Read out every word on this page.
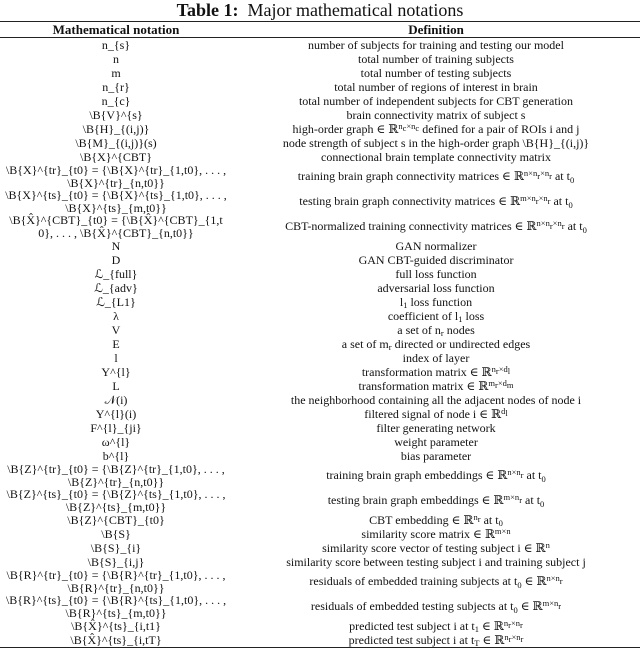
Table 1: Major mathematical notations
Mathematical notation	Definition
n_{s}	number of subjects for training and testing our model
n	total number of training subjects
m	total number of testing subjects
n_{r}	total number of regions of interest in brain
n_{c}	total number of independent subjects for CBT generation
\B{V}^{s}	brain connectivity matrix of subject s
\B{H}_{(i,j)}	high-order graph ∈ ℝ$^{n_c\times n_c}$ defined for a pair of ROIs i and j
\B{M}_{(i,j)}(s)	node strength of subject s in the high-order graph \B{H}_{(i,j)}
\B{X}^{CBT}	connectional brain template connectivity matrix
\B{X}^{tr}_{t0} = {\B{X}^{tr}_{1,t0}, . . . , \B{X}^{tr}_{n,t0}}	training brain graph connectivity matrices ∈ ℝ$^{n\times n_r\times n_r}$ at $t_0$
\B{X}^{ts}_{t0} = {\B{X}^{ts}_{1,t0}, . . . , \B{X}^{ts}_{m,t0}}	testing brain graph connectivity matrices ∈ ℝ$^{m\times n_r\times n_r}$ at $t_0$
\B{X̂}^{CBT}_{t0} = {\B{X̂}^{CBT}_{1,t0}, . . . , \B{X̂}^{CBT}_{n,t0}}	CBT-normalized training connectivity matrices ∈ ℝ$^{n\times n_r\times n_r}$ at $t_0$
N	GAN normalizer
D	GAN CBT-guided discriminator
ℒ_{full}	full loss function
ℒ_{adv}	adversarial loss function
ℒ_{L1}	$l_1$ loss function
λ	coefficient of $l_1$ loss
V	a set of $n_r$ nodes
E	a set of $m_r$ directed or undirected edges
l	index of layer
Y^{l}	transformation matrix ∈ ℝ$^{n_r\times d_l}$
L	transformation matrix ∈ ℝ$^{m_r\times d_m}$
𝒩(i)	the neighborhood containing all the adjacent nodes of node i
Y^{l}(i)	filtered signal of node i ∈ ℝ$^{d_l}$
F^{l}_{ji}	filter generating network
ω^{l}	weight parameter
b^{l}	bias parameter
\B{Z}^{tr}_{t0} = {\B{Z}^{tr}_{1,t0}, . . . , \B{Z}^{tr}_{n,t0}}	training brain graph embeddings ∈ ℝ$^{n\times n_r}$ at $t_0$
\B{Z}^{ts}_{t0} = {\B{Z}^{ts}_{1,t0}, . . . , \B{Z}^{ts}_{m,t0}}	testing brain graph embeddings ∈ ℝ$^{m\times n_r}$ at $t_0$
\B{Z}^{CBT}_{t0}	CBT embedding ∈ ℝ$^{n_r}$ at $t_0$
\B{S}	similarity score matrix ∈ ℝ$^{m\times n}$
\B{S}_{i}	similarity score vector of testing subject i ∈ ℝ$^n$
\B{S}_{i,j}	similarity score between testing subject i and training subject j
\B{R}^{tr}_{t0} = {\B{R}^{tr}_{1,t0}, . . . , \B{R}^{tr}_{n,t0}}	residuals of embedded training subjects at $t_0$ ∈ ℝ$^{n\times n_r}$
\B{R}^{ts}_{t0} = {\B{R}^{ts}_{1,t0}, . . . , \B{R}^{ts}_{m,t0}}	residuals of embedded testing subjects at $t_0$ ∈ ℝ$^{m\times n_r}$
\B{X̂}^{ts}_{i,t1}	predicted test subject i at $t_1$ ∈ ℝ$^{n_r\times n_r}$
\B{X̂}^{ts}_{i,tT}	predicted test subject i at $t_T$ ∈ ℝ$^{n_r\times n_r}$
